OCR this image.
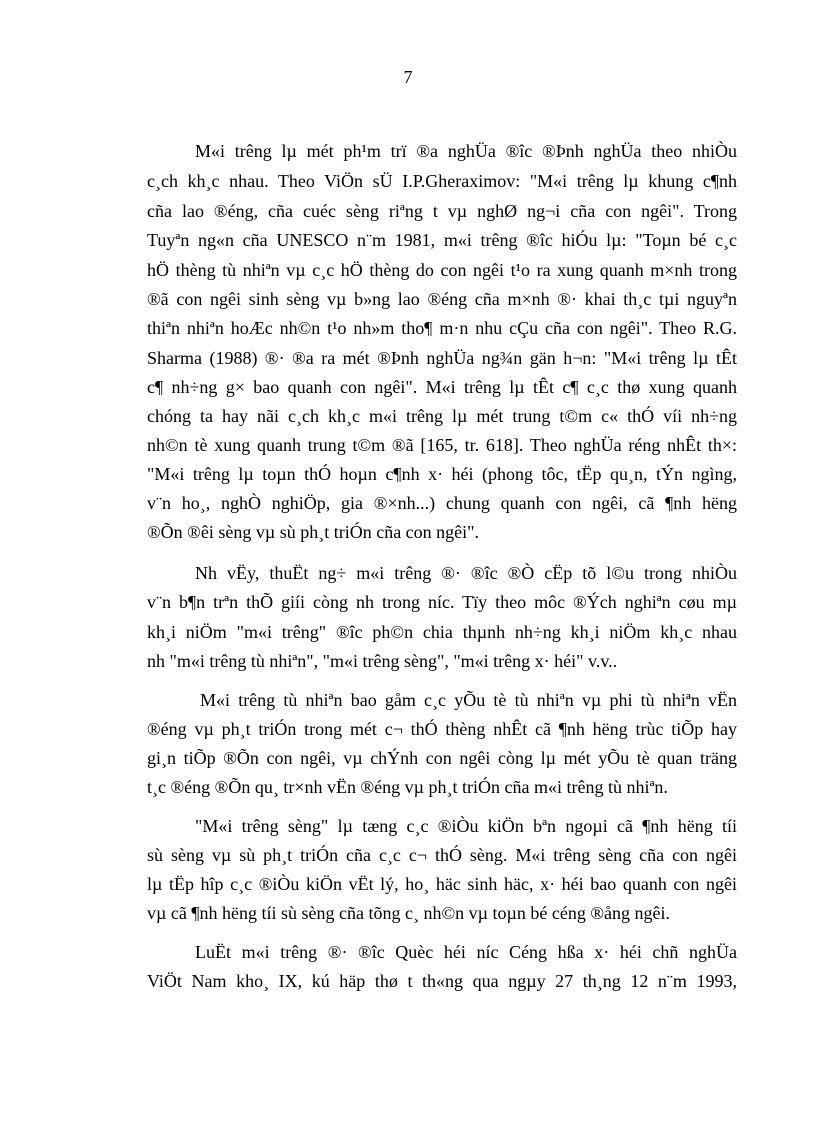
7
M«i trêng lµ mét ph¹m trï ®a nghÜa ®îc ®Þnh nghÜa theo nhiÒu
c¸ch kh¸c nhau. Theo ViÖn sÜ I.P.Gheraximov: "M«i trêng lµ khung c¶nh
cña lao ®éng, cña cuéc sèng riªng t vµ nghØ ng¬i cña con ngêi". Trong
Tuyªn ng«n cña UNESCO n¨m 1981, m«i trêng ®îc hiÓu lµ: "Toµn bé c¸c
hÖ thèng tù nhiªn vµ c¸c hÖ thèng do con ngêi t¹o ra xung quanh m×nh trong
®ã con ngêi sinh sèng vµ b»ng lao ®éng cña m×nh ®· khai th¸c tµi nguyªn
thiªn nhiªn hoÆc nh©n t¹o nh»m tho¶ m·n nhu cÇu cña con ngêi". Theo R.G.
Sharma (1988) ®· ®a ra mét ®Þnh nghÜa ng¾n gän h¬n: "M«i trêng lµ tÊt
c¶ nh÷ng g× bao quanh con ngêi". M«i trêng lµ tÊt c¶ c¸c thø xung quanh
chóng ta hay nãi c¸ch kh¸c m«i trêng lµ mét trung t©m c« thÓ víi nh÷ng
nh©n tè xung quanh trung t©m ®ã [165, tr. 618]. Theo nghÜa réng nhÊt th×:
"M«i trêng lµ toµn thÓ hoµn c¶nh x· héi (phong tôc, tËp qu¸n, tÝn ngìng,
v¨n ho¸, nghÒ nghiÖp, gia ®×nh...) chung quanh con ngêi, cã ¶nh hëng
®Õn ®êi sèng vµ sù ph¸t triÓn cña con ngêi".
Nh vËy, thuËt ng÷ m«i trêng ®· ®îc ®Ò cËp tõ l©u trong nhiÒu
v¨n b¶n trªn thÕ giíi còng nh trong níc. Tïy theo môc ®Ých nghiªn cøu mµ
kh¸i niÖm "m«i trêng" ®îc ph©n chia thµnh nh÷ng kh¸i niÖm kh¸c nhau
nh "m«i trêng tù nhiªn", "m«i trêng sèng", "m«i trêng x· héi" v.v..
M«i trêng tù nhiªn bao gåm c¸c yÕu tè tù nhiªn vµ phi tù nhiªn vËn
®éng vµ ph¸t triÓn trong mét c¬ thÓ thèng nhÊt cã ¶nh hëng trùc tiÕp hay
gi¸n tiÕp ®Õn con ngêi, vµ chÝnh con ngêi còng lµ mét yÕu tè quan träng
t¸c ®éng ®Õn qu¸ tr×nh vËn ®éng vµ ph¸t triÓn cña m«i trêng tù nhiªn.
"M«i trêng sèng" lµ tæng c¸c ®iÒu kiÖn bªn ngoµi cã ¶nh hëng tíi
sù sèng vµ sù ph¸t triÓn cña c¸c c¬ thÓ sèng. M«i trêng sèng cña con ngêi
lµ tËp hîp c¸c ®iÒu kiÖn vËt lý, ho¸ häc sinh häc, x· héi bao quanh con ngêi
vµ cã ¶nh hëng tíi sù sèng cña tõng c¸ nh©n vµ toµn bé céng ®ång ngêi.
LuËt m«i trêng ®· ®îc Quèc héi níc Céng hßa x· héi chñ nghÜa
ViÖt Nam kho¸ IX, kú häp thø t th«ng qua ngµy 27 th¸ng 12 n¨m 1993,
